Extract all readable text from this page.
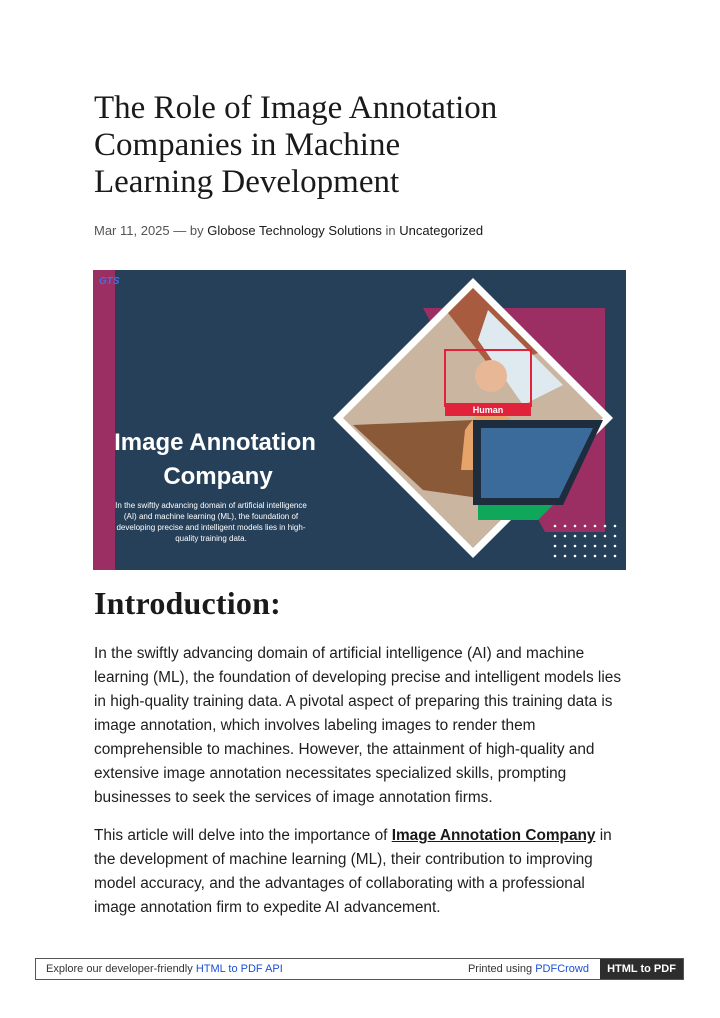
The Role of Image Annotation Companies in Machine Learning Development
Mar 11, 2025 — by Globose Technology Solutions in Uncategorized
Human
GTS
Image Annotation
Company
In the swiftly advancing domain of artificial intelligence
(AI) and machine learning (ML), the foundation of
developing precise and intelligent models lies in high-
quality training data.
Introduction:

In the swiftly advancing domain of artificial intelligence (AI) and machine learning (ML), the foundation of developing precise and intelligent models lies in high-quality training data. A pivotal aspect of preparing this training data is image annotation, which involves labeling images to render them comprehensible to machines. However, the attainment of high-quality and extensive image annotation necessitates specialized skills, prompting businesses to seek the services of image annotation firms.

This article will delve into the importance of Image Annotation Company in the development of machine learning (ML), their contribution to improving model accuracy, and the advantages of collaborating with a professional image annotation firm to expedite AI advancement.

Explore our developer-friendly HTML to PDF API	Printed using PDFCrowd	HTML to PDF
